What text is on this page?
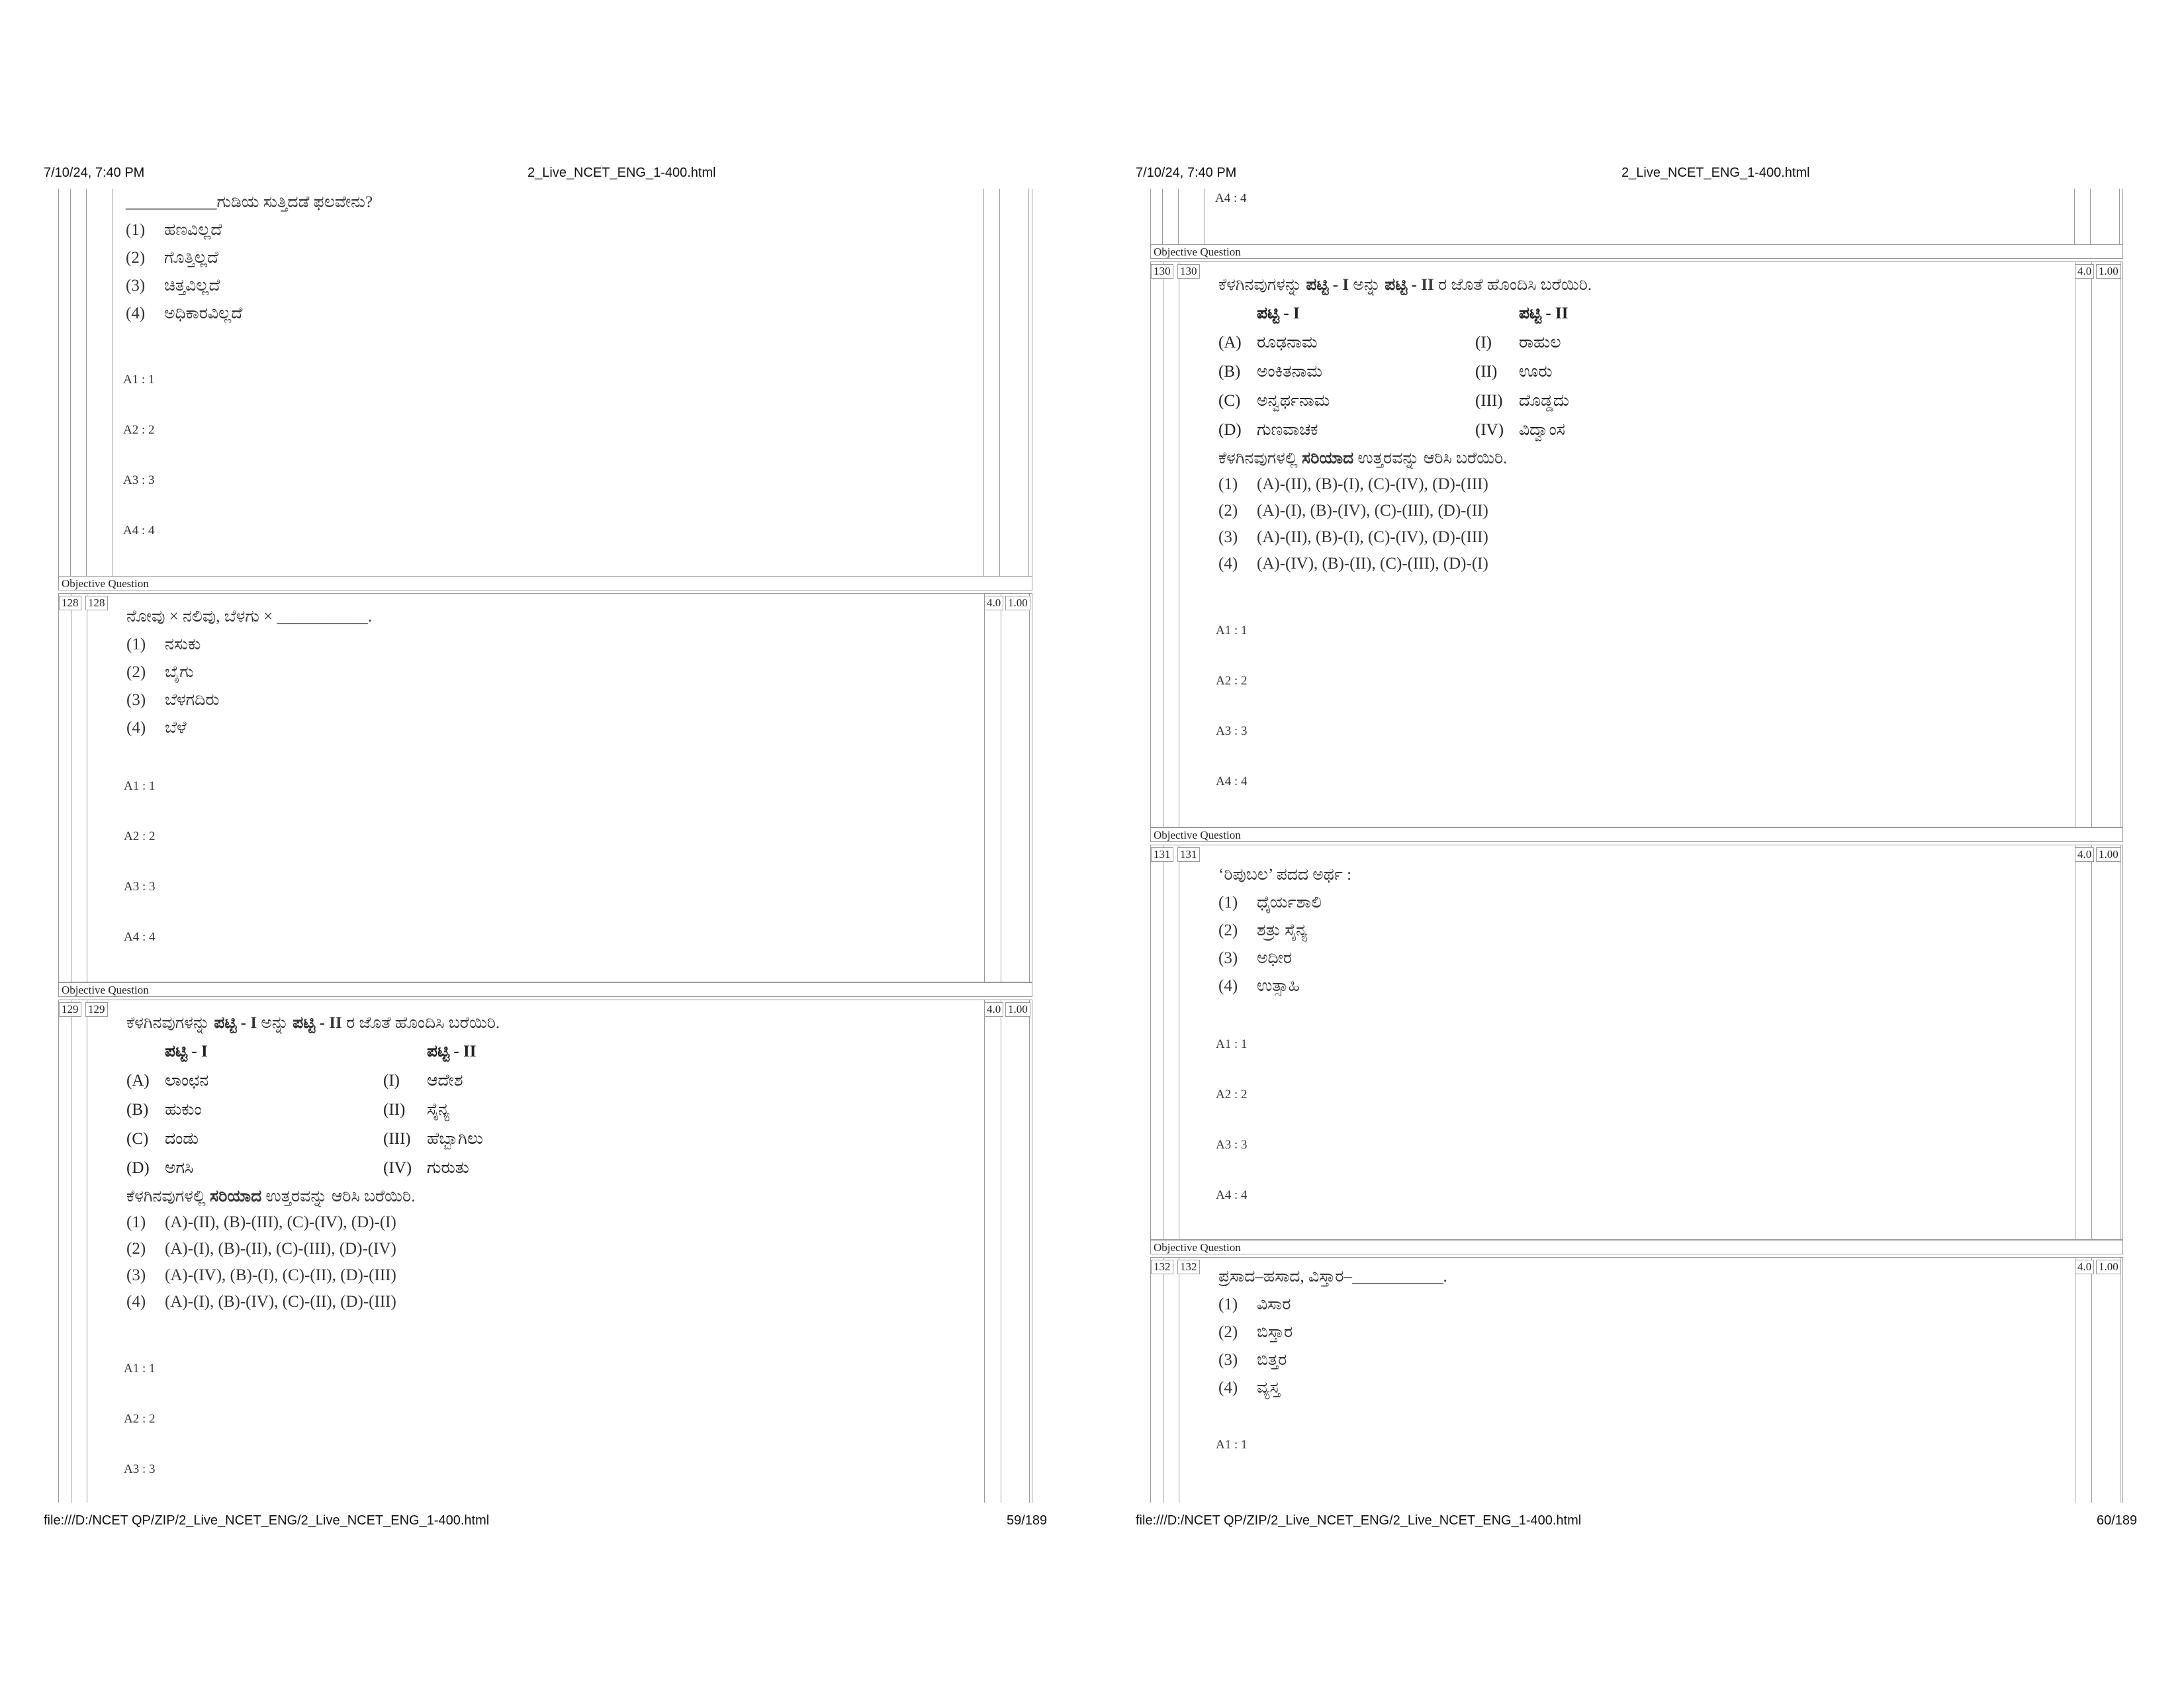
7/10/24, 7:40 PM	2_Live_NCET_ENG_1-400.html
___________ಗುಡಿಯ ಸುತ್ತಿದಡೆ ಫಲವೇನು?
(1)	ಹಣವಿಲ್ಲದೆ
(2)	ಗೊತ್ತಿಲ್ಲದೆ
(3)	ಚಿತ್ತವಿಲ್ಲದೆ
(4)	ಅಧಿಕಾರವಿಲ್ಲದೆ
A1 : 1
A2 : 2
A3 : 3
A4 : 4
Objective Question
128 128	4.0 1.00
ನೋವು × ನಲಿವು, ಬೆಳಗು × ___________.
(1)	ನಸುಕು
(2)	ಬೈಗು
(3)	ಬೆಳಗದಿರು
(4)	ಬೆಳೆ
A1 : 1
A2 : 2
A3 : 3
A4 : 4
Objective Question
129 129	4.0 1.00
ಕೆಳಗಿನವುಗಳನ್ನು ಪಟ್ಟಿ - I ಅನ್ನು ಪಟ್ಟಿ - II ರ ಜೊತೆ ಹೊಂದಿಸಿ ಬರೆಯಿರಿ.
ಪಟ್ಟಿ - I	ಪಟ್ಟಿ - II
(A) ಲಾಂಛನ	(I)	ಆದೇಶ
(B) ಹುಕುಂ	(II)	ಸೈನ್ಯ
(C) ದಂಡು	(III) ಹೆಬ್ಬಾಗಿಲು
(D) ಅಗಸಿ	(IV) ಗುರುತು
ಕೆಳಗಿನವುಗಳಲ್ಲಿ ಸರಿಯಾದ ಉತ್ತರವನ್ನು ಆರಿಸಿ ಬರೆಯಿರಿ.
(1)	(A)-(II), (B)-(III), (C)-(IV), (D)-(I)
(2)	(A)-(I), (B)-(II), (C)-(III), (D)-(IV)
(3)	(A)-(IV), (B)-(I), (C)-(II), (D)-(III)
(4)	(A)-(I), (B)-(IV), (C)-(II), (D)-(III)
A1 : 1
A2 : 2
A3 : 3
file:///D:/NCET QP/ZIP/2_Live_NCET_ENG/2_Live_NCET_ENG_1-400.html	59/189
7/10/24, 7:40 PM	2_Live_NCET_ENG_1-400.html
A4 : 4
Objective Question
130 130	4.0 1.00
ಕೆಳಗಿನವುಗಳನ್ನು ಪಟ್ಟಿ - I ಅನ್ನು ಪಟ್ಟಿ - II ರ ಜೊತೆ ಹೊಂದಿಸಿ ಬರೆಯಿರಿ.
ಪಟ್ಟಿ - I	ಪಟ್ಟಿ - II
(A) ರೂಢನಾಮ	(I)	ರಾಹುಲ
(B) ಅಂಕಿತನಾಮ	(II)	ಊರು
(C) ಅನ್ವರ್ಥನಾಮ	(III) ದೊಡ್ಡದು
(D) ಗುಣವಾಚಕ	(IV) ವಿದ್ವಾಂಸ
ಕೆಳಗಿನವುಗಳಲ್ಲಿ ಸರಿಯಾದ ಉತ್ತರವನ್ನು ಆರಿಸಿ ಬರೆಯಿರಿ.
(1)	(A)-(II), (B)-(I), (C)-(IV), (D)-(III)
(2)	(A)-(I), (B)-(IV), (C)-(III), (D)-(II)
(3)	(A)-(II), (B)-(I), (C)-(IV), (D)-(III)
(4)	(A)-(IV), (B)-(II), (C)-(III), (D)-(I)
A1 : 1
A2 : 2
A3 : 3
A4 : 4
Objective Question
131 131	4.0 1.00
‘ರಿಪುಬಲ’ ಪದದ ಅರ್ಥ :
(1)	ಧೈರ್ಯಶಾಲಿ
(2)	ಶತ್ರು ಸೈನ್ಯ
(3)	ಅಧೀರ
(4)	ಉತ್ಸಾಹಿ
A1 : 1
A2 : 2
A3 : 3
A4 : 4
Objective Question
132 132	4.0 1.00
ಪ್ರಸಾದ–ಹಸಾದ, ವಿಸ್ತಾರ–___________.
(1)	ವಿಸಾರ
(2)	ಬಿಸ್ತಾರ
(3)	ಬಿತ್ತರ
(4)	ವ್ಯಸ್ತ
A1 : 1
file:///D:/NCET QP/ZIP/2_Live_NCET_ENG/2_Live_NCET_ENG_1-400.html	60/189
